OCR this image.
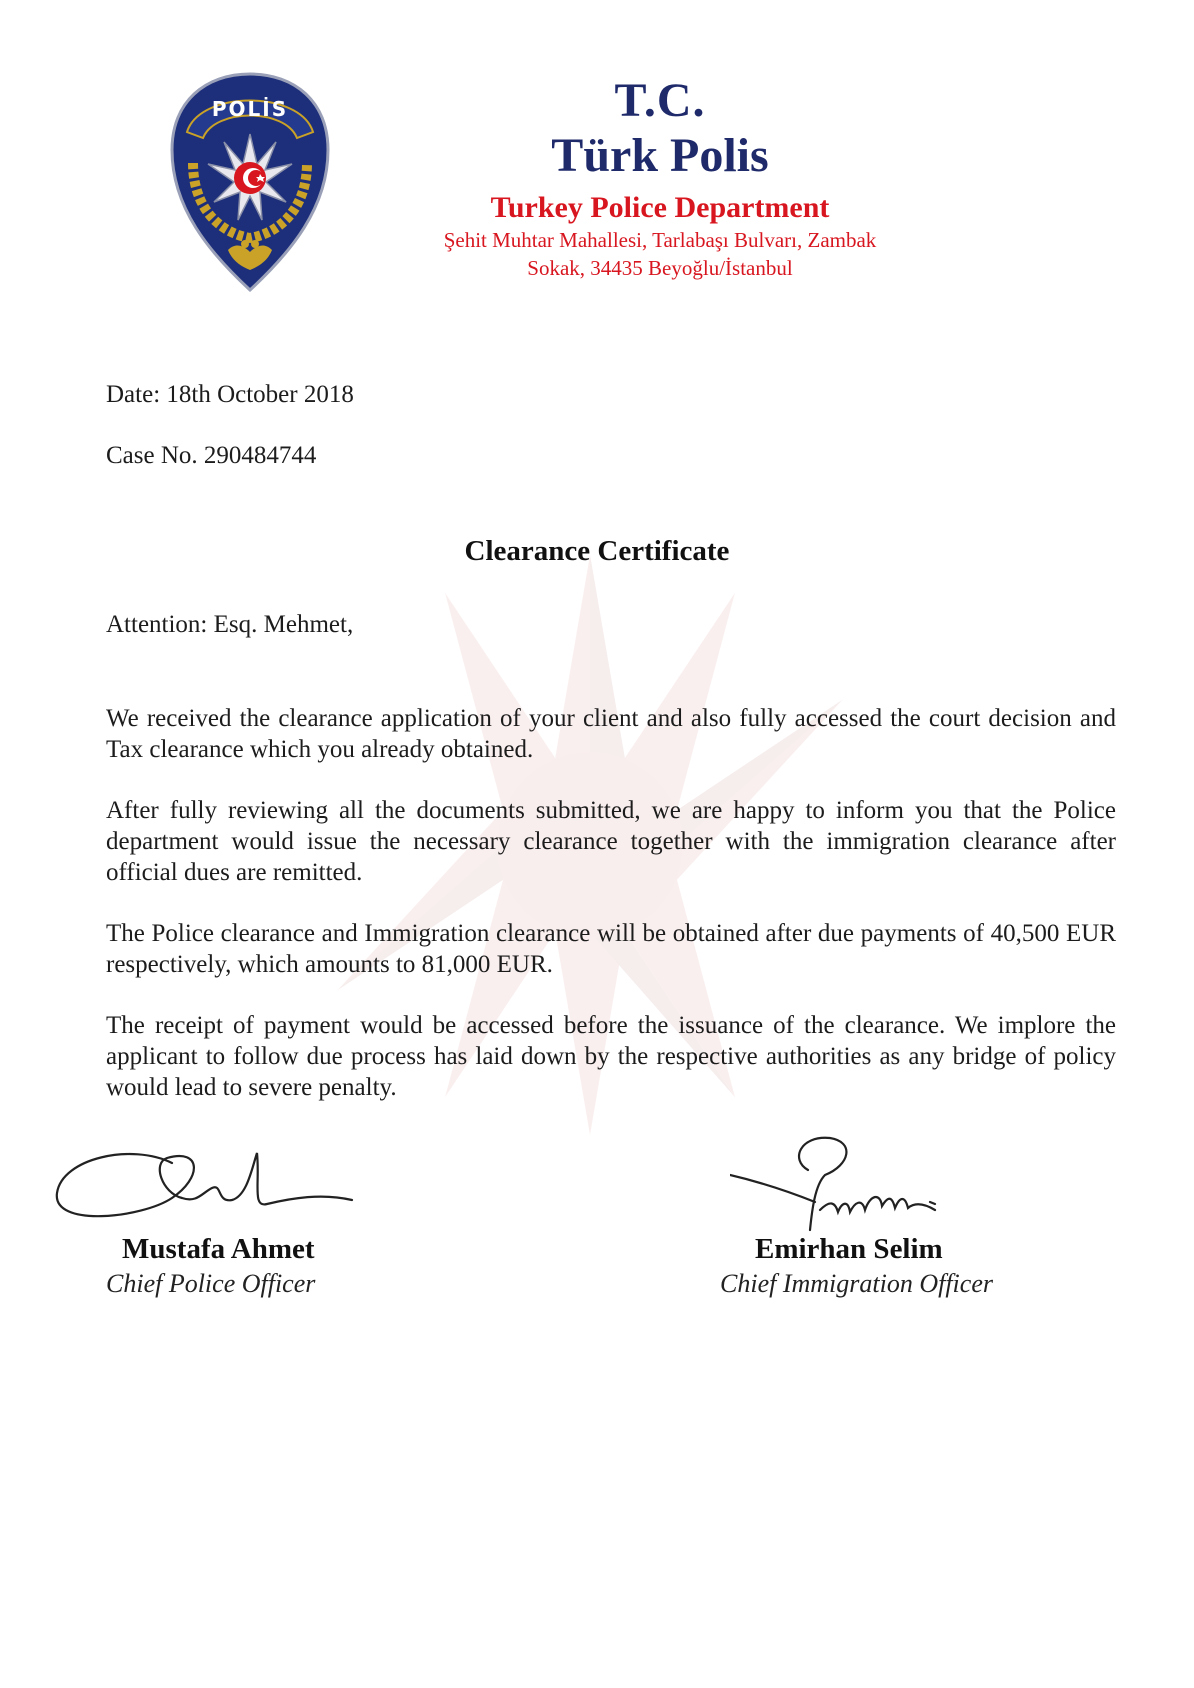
POLİS	T.C.
Türk Polis
Turkey Police Department
Şehit Muhtar Mahallesi, Tarlabaşı Bulvarı, Zambak
Sokak, 34435 Beyoğlu/İstanbul
Date: 18th October 2018
Case No. 290484744
Clearance Certificate
Attention: Esq. Mehmet,
We received the clearance application of your client and also fully accessed the court decision and Tax clearance which you already obtained.
After fully reviewing all the documents submitted, we are happy to inform you that the Police department would issue the necessary clearance together with the immigration clearance after official dues are remitted.
The Police clearance and Immigration clearance will be obtained after due payments of 40,500 EUR respectively, which amounts to 81,000 EUR.
The receipt of payment would be accessed before the issuance of the clearance. We implore the applicant to follow due process has laid down by the respective authorities as any bridge of policy would lead to severe penalty.
Mustafa Ahmet
Chief Police Officer
Emirhan Selim
Chief Immigration Officer
